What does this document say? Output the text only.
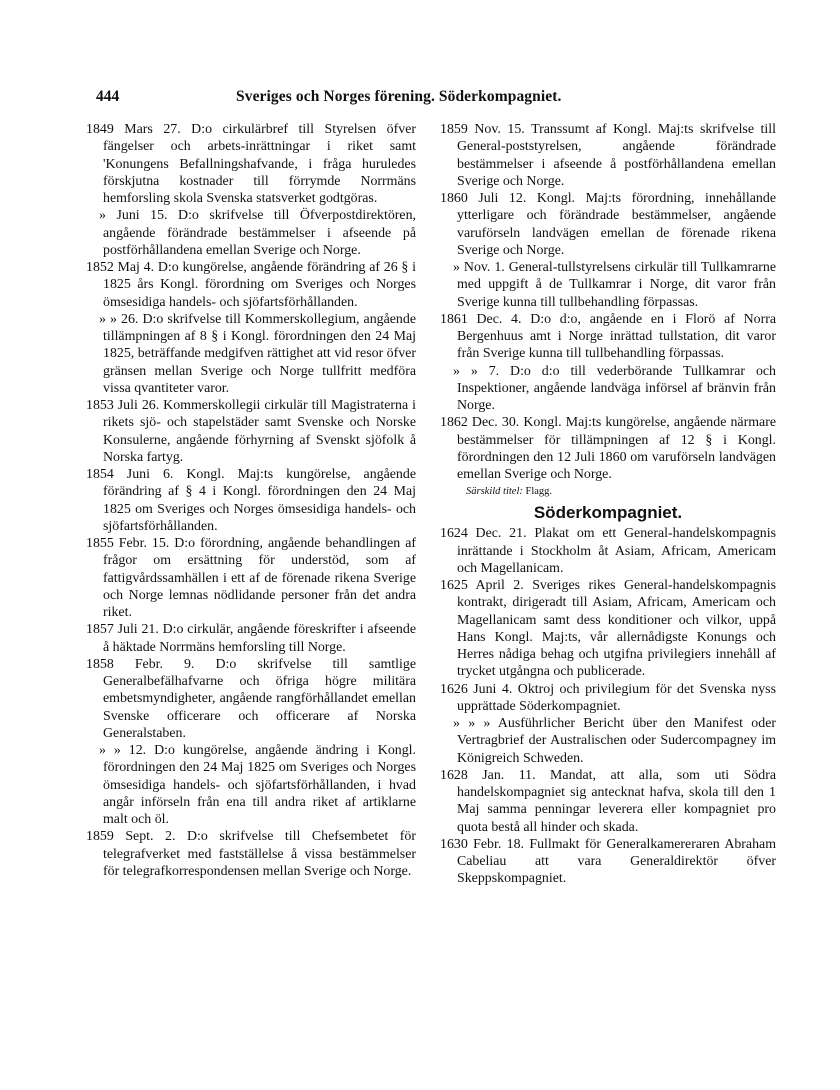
444	Sveriges och Norges förening. Söderkompagniet.

1849 Mars 27. D:o cirkulärbref till Styrelsen öfver fängelser och arbets-inrättningar i riket samt 'Konungens Befallningshafvande, i fråga huruledes förskjutna kostnader till förrymde Norrmäns hemforsling skola Svenska statsverket godtgöras.

» Juni 15. D:o skrifvelse till Öfverpostdirektören, angående förändrade bestämmelser i afseende på postförhållandena emellan Sverige och Norge.

1852 Maj 4. D:o kungörelse, angående förändring af 26 § i 1825 års Kongl. förordning om Sveriges och Norges ömsesidiga handels- och sjöfartsförhållanden.

» » 26. D:o skrifvelse till Kommerskollegium, angående tillämpningen af 8 § i Kongl. förordningen den 24 Maj 1825, beträffande medgifven rättighet att vid resor öfver gränsen mellan Sverige och Norge tullfritt medföra vissa qvantiteter varor.

1853 Juli 26. Kommerskollegii cirkulär till Magistraterna i rikets sjö- och stapelstäder samt Svenske och Norske Konsulerne, angående förhyrning af Svenskt sjöfolk å Norska fartyg.

1854 Juni 6. Kongl. Maj:ts kungörelse, angående förändring af § 4 i Kongl. förordningen den 24 Maj 1825 om Sveriges och Norges ömsesidiga handels- och sjöfartsförhållanden.

1855 Febr. 15. D:o förordning, angående behandlingen af frågor om ersättning för understöd, som af fattigvårdssamhällen i ett af de förenade rikena Sverige och Norge lemnas nödlidande personer från det andra riket.

1857 Juli 21. D:o cirkulär, angående föreskrifter i afseende å häktade Norrmäns hemforsling till Norge.

1858 Febr. 9. D:o skrifvelse till samtlige Generalbefälhafvarne och öfriga högre militära embetsmyndigheter, angående rangförhållandet emellan Svenske officerare och officerare af Norska Generalstaben.

» » 12. D:o kungörelse, angående ändring i Kongl. förordningen den 24 Maj 1825 om Sveriges och Norges ömsesidiga handels- och sjöfartsförhållanden, i hvad angår införseln från ena till andra riket af artiklarne malt och öl.

1859 Sept. 2. D:o skrifvelse till Chefsembetet för telegrafverket med fastställelse å vissa bestämmelser för telegrafkorrespondensen mellan Sverige och Norge.

1859 Nov. 15. Transsumt af Kongl. Maj:ts skrifvelse till General-poststyrelsen, angående förändrade bestämmelser i afseende å postförhållandena emellan Sverige och Norge.

1860 Juli 12. Kongl. Maj:ts förordning, innehållande ytterligare och förändrade bestämmelser, angående varuförseln landvägen emellan de förenade rikena Sverige och Norge.

» Nov. 1. General-tullstyrelsens cirkulär till Tullkamrarne med uppgift å de Tullkamrar i Norge, dit varor från Sverige kunna till tullbehandling förpassas.

1861 Dec. 4. D:o d:o, angående en i Florö af Norra Bergenhuus amt i Norge inrättad tullstation, dit varor från Sverige kunna till tullbehandling förpassas.

» » 7. D:o d:o till vederbörande Tullkamrar och Inspektioner, angående landväga införsel af bränvin från Norge.

1862 Dec. 30. Kongl. Maj:ts kungörelse, angående närmare bestämmelser för tillämpningen af 12 § i Kongl. förordningen den 12 Juli 1860 om varuförseln landvägen emellan Sverige och Norge.

Särskild titel: Flagg.
Söderkompagniet.

1624 Dec. 21. Plakat om ett General-handelskompagnis inrättande i Stockholm åt Asiam, Africam, Americam och Magellanicam.

1625 April 2. Sveriges rikes General-handelskompagnis kontrakt, dirigeradt till Asiam, Africam, Americam och Magellanicam samt dess konditioner och vilkor, uppå Hans Kongl. Maj:ts, vår allernådigste Konungs och Herres nådiga behag och utgifna privilegiers innehåll af trycket utgångna och publicerade.

1626 Juni 4. Oktroj och privilegium för det Svenska nyss upprättade Söderkompagniet.

» » » Ausführlicher Bericht über den Manifest oder Vertragbrief der Australischen oder Sudercompagney im Königreich Schweden.

1628 Jan. 11. Mandat, att alla, som uti Södra handelskompagniet sig antecknat hafva, skola till den 1 Maj samma penningar leverera eller kompagniet pro quota bestå all hinder och skada.

1630 Febr. 18. Fullmakt för Generalkamereraren Abraham Cabeliau att vara Generaldirektör öfver Skeppskompagniet.
